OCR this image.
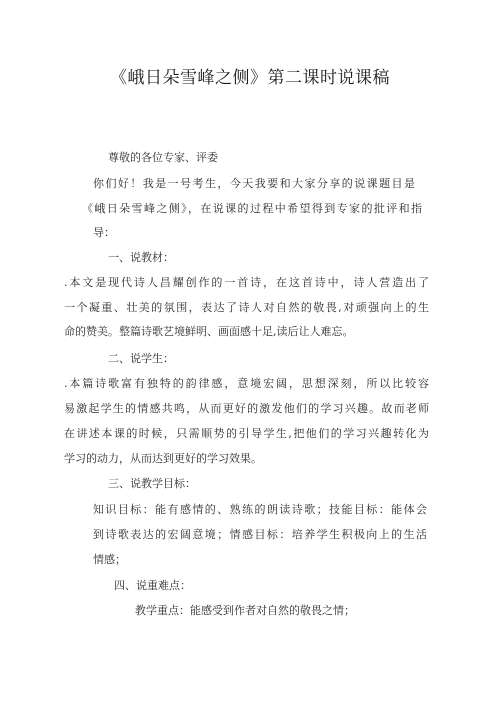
《峨日朵雪峰之侧》第二课时说课稿
尊敬的各位专家、评委
你们好！我是一号考生，今天我要和大家分享的说课题目是
《峨日朵雪峰之侧》，在说课的过程中希望得到专家的批评和指
导：
一、说教材：
.本文是现代诗人昌耀创作的一首诗，在这首诗中，诗人营造出了
一个凝重、壮美的氛围，表达了诗人对自然的敬畏,对顽强向上的生
命的赞美。整篇诗歌艺境鲜明、画面感十足,读后让人难忘。
二、说学生：
.本篇诗歌富有独特的韵律感，意境宏阔，思想深刻，所以比较容
易激起学生的情感共鸣，从而更好的激发他们的学习兴趣。故而老师
在讲述本课的时候，只需顺势的引导学生,把他们的学习兴趣转化为
学习的动力，从而达到更好的学习效果。
三、说教学目标：
知识目标：能有感情的、熟练的朗读诗歌；技能目标：能体会
到诗歌表达的宏阔意境；情感目标：培养学生积极向上的生活
情感；
四、说重难点：
教学重点：能感受到作者对自然的敬畏之情；
